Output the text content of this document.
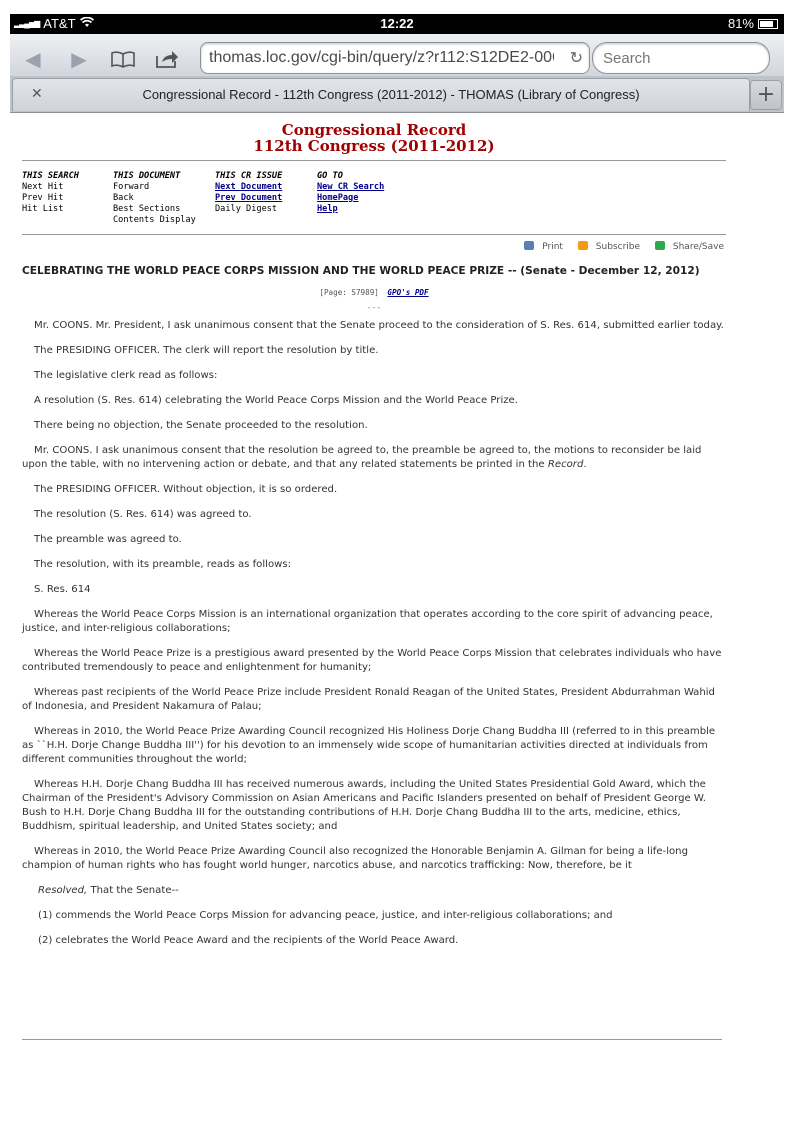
▂▃▄▅▆ AT&T	12:22	81%
◀ ▶
thomas.loc.gov/cgi-bin/query/z?r112:S12DE2-0064	↻
Search
✕	Congressional Record - 112th Congress (2011-2012) - THOMAS (Library of Congress)	+
Congressional Record
112th Congress (2011-2012)
THIS SEARCH
Next Hit
Prev Hit
Hit List
THIS DOCUMENT
Forward
Back
Best Sections
Contents Display
THIS CR ISSUE
Next Document
Prev Document
Daily Digest
GO TO
New CR Search
HomePage
Help
Print	Subscribe	Share/Save
CELEBRATING THE WORLD PEACE CORPS MISSION AND THE WORLD PEACE PRIZE -- (Senate - December 12, 2012)
[Page: S7989] GPO's PDF
---

Mr. COONS. Mr. President, I ask unanimous consent that the Senate proceed to the consideration of S. Res. 614, submitted earlier today.

The PRESIDING OFFICER. The clerk will report the resolution by title.

The legislative clerk read as follows:

A resolution (S. Res. 614) celebrating the World Peace Corps Mission and the World Peace Prize.

There being no objection, the Senate proceeded to the resolution.

Mr. COONS. I ask unanimous consent that the resolution be agreed to, the preamble be agreed to, the motions to reconsider be laid upon the table, with no intervening action or debate, and that any related statements be printed in the Record.

The PRESIDING OFFICER. Without objection, it is so ordered.

The resolution (S. Res. 614) was agreed to.

The preamble was agreed to.

The resolution, with its preamble, reads as follows:

S. Res. 614

Whereas the World Peace Corps Mission is an international organization that operates according to the core spirit of advancing peace, justice, and inter-religious collaborations;

Whereas the World Peace Prize is a prestigious award presented by the World Peace Corps Mission that celebrates individuals who have contributed tremendously to peace and enlightenment for humanity;

Whereas past recipients of the World Peace Prize include President Ronald Reagan of the United States, President Abdurrahman Wahid of Indonesia, and President Nakamura of Palau;

Whereas in 2010, the World Peace Prize Awarding Council recognized His Holiness Dorje Chang Buddha III (referred to in this preamble as ``H.H. Dorje Change Buddha III'') for his devotion to an immensely wide scope of humanitarian activities directed at individuals from different communities throughout the world;

Whereas H.H. Dorje Chang Buddha III has received numerous awards, including the United States Presidential Gold Award, which the Chairman of the President's Advisory Commission on Asian Americans and Pacific Islanders presented on behalf of President George W. Bush to H.H. Dorje Chang Buddha III for the outstanding contributions of H.H. Dorje Chang Buddha III to the arts, medicine, ethics, Buddhism, spiritual leadership, and United States society; and

Whereas in 2010, the World Peace Prize Awarding Council also recognized the Honorable Benjamin A. Gilman for being a life-long champion of human rights who has fought world hunger, narcotics abuse, and narcotics trafficking: Now, therefore, be it

Resolved, That the Senate--

(1) commends the World Peace Corps Mission for advancing peace, justice, and inter-religious collaborations; and

(2) celebrates the World Peace Award and the recipients of the World Peace Award.
